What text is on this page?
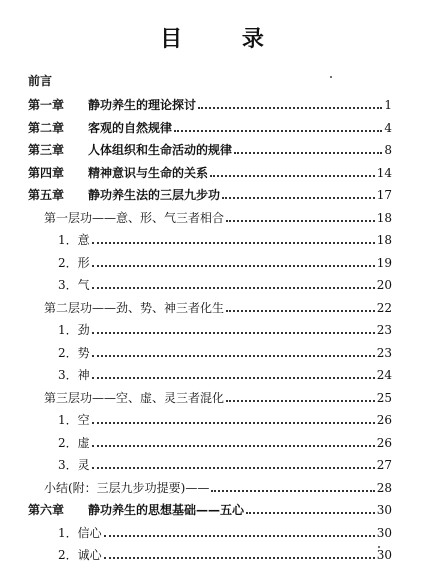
目 录
前言
第一章 静功养生的理论探讨	1
第二章 客观的自然规律	4
第三章 人体组织和生命活动的规律	8
第四章 精神意识与生命的关系	14
第五章 静功养生法的三层九步功	17
第一层功——意、形、气三者相合	18
1．意	18
2．形	19
3．气	20
第二层功——劲、势、神三者化生	22
1．劲	23
2．势	23
3．神	24
第三层功——空、虚、灵三者混化	25
1．空	26
2．虚	26
3．灵	27
小结(附：三层九步功提要)——	28
第六章 静功养生的思想基础——五心	30
1．信心	30
2．诚心	30
